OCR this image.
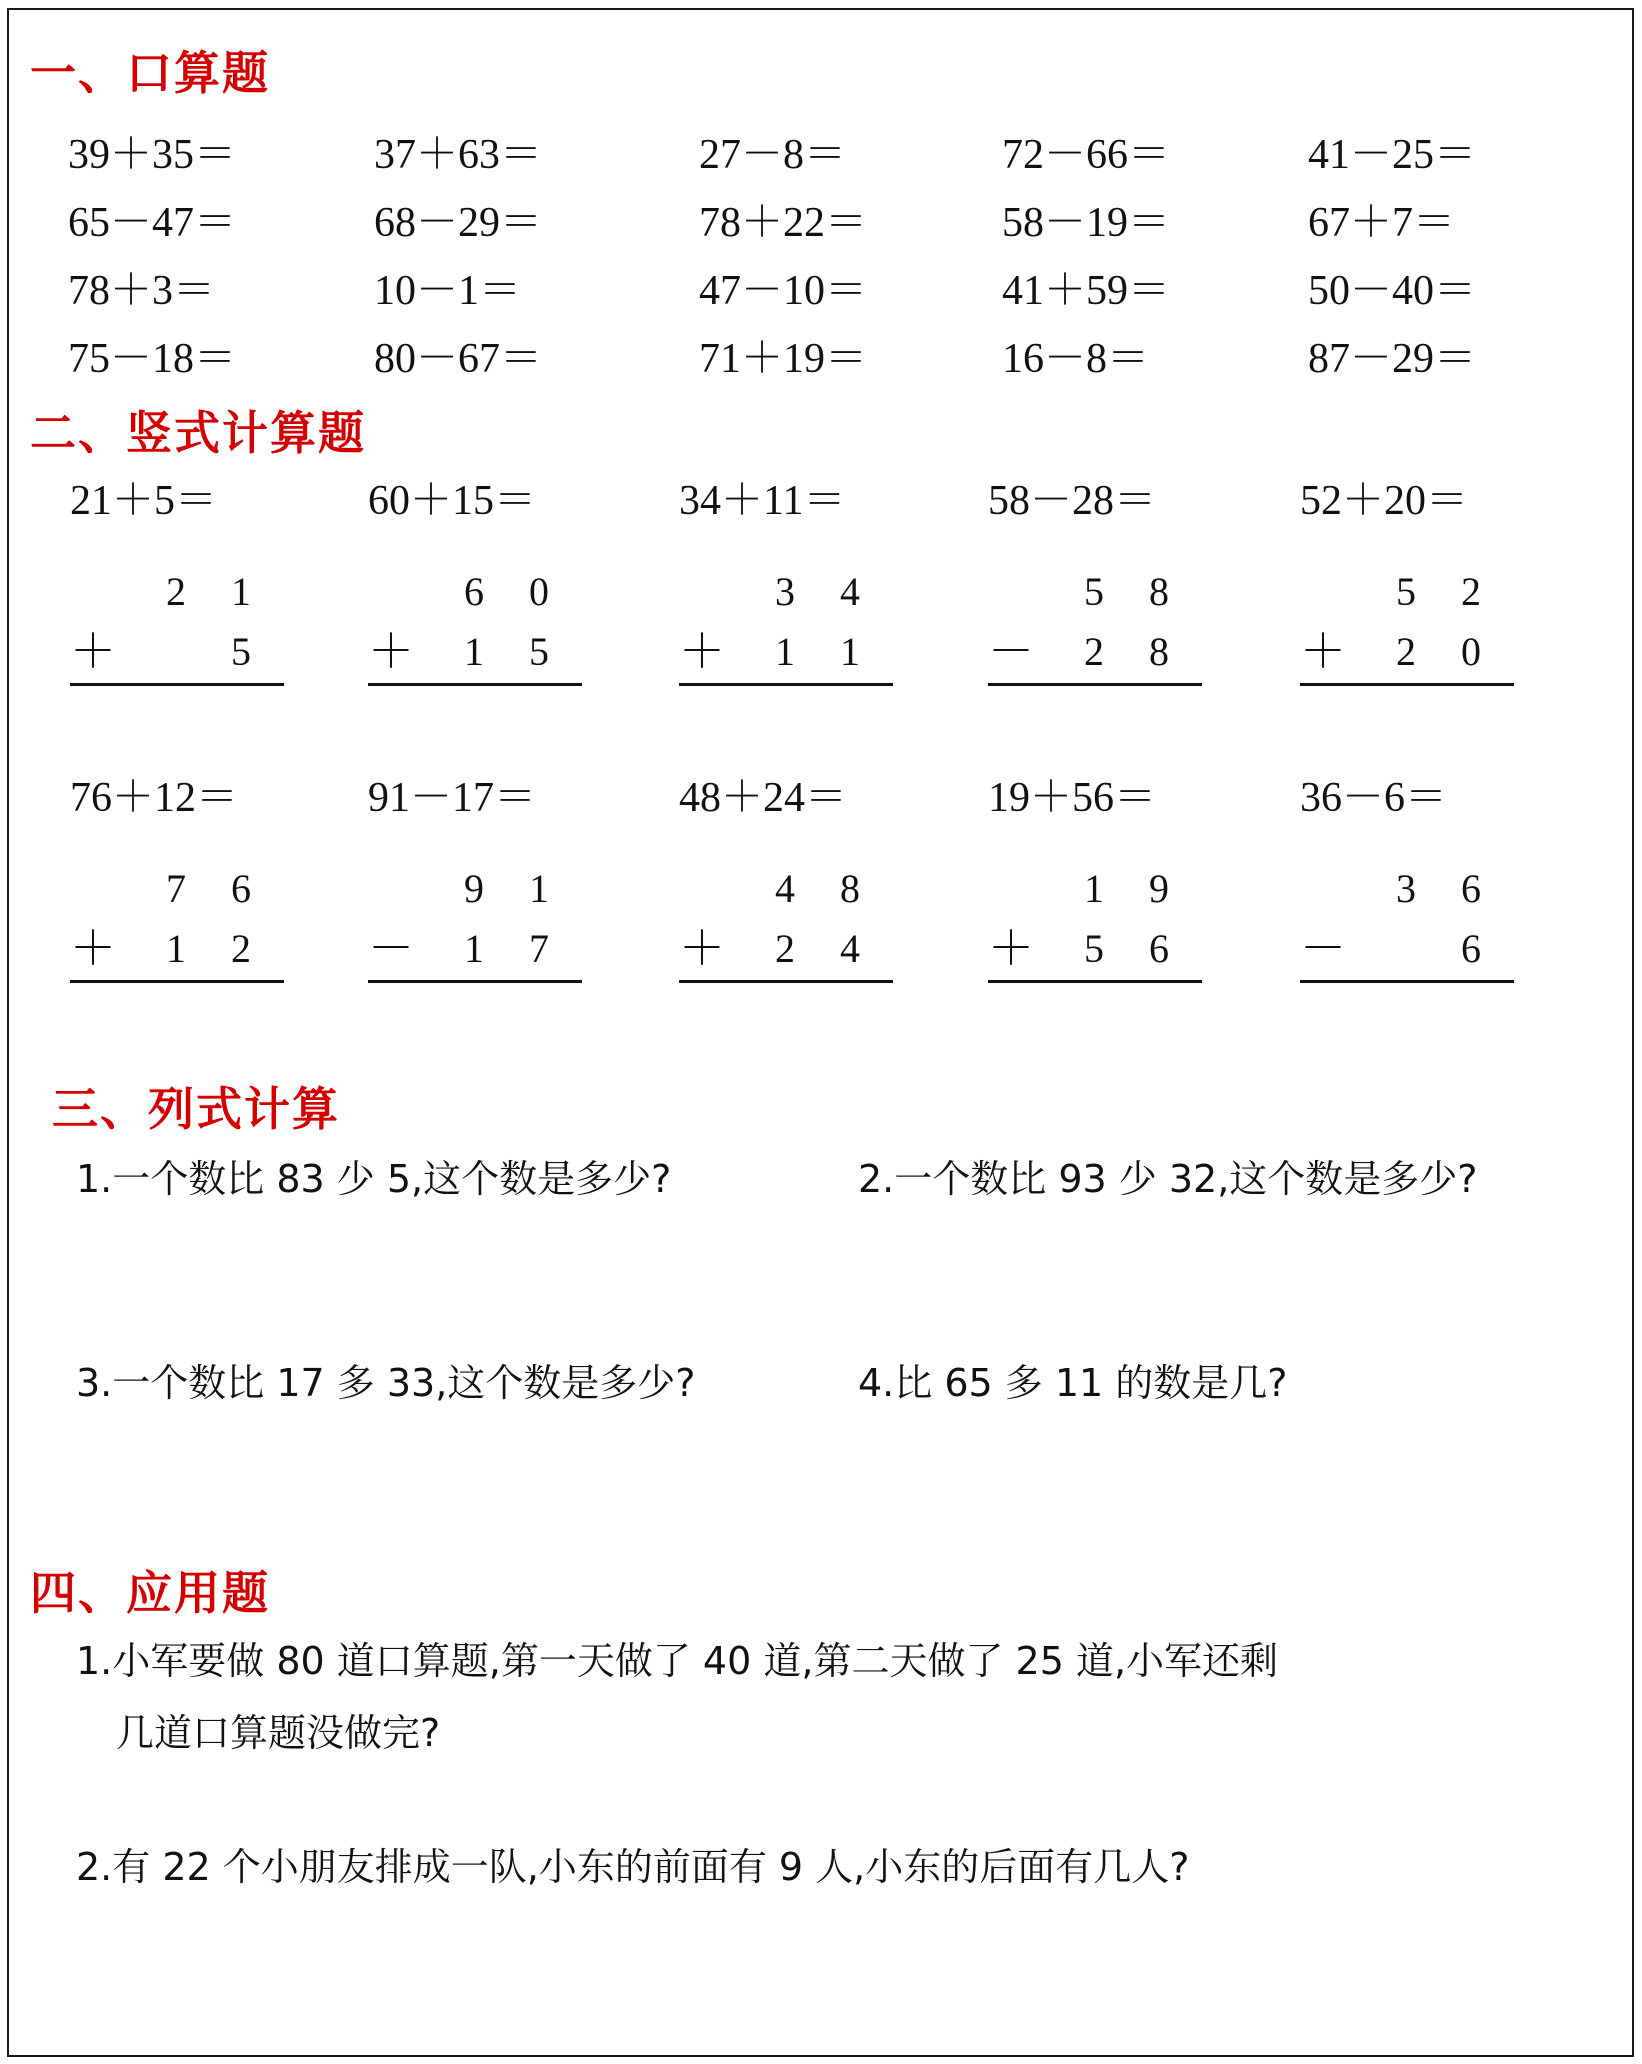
一、口算题
39＋35＝	37＋63＝	27－8＝	72－66＝	41－25＝
65－47＝	68－29＝	78＋22＝	58－19＝	67＋7＝
78＋3＝	10－1＝	47－10＝	41＋59＝	50－40＝
75－18＝	80－67＝	71＋19＝	16－8＝	87－29＝
二、竖式计算题
21＋5＝
2 1
＋	5
60＋15＝
6 0
＋ 1 5
34＋11＝
3 4
＋ 1 1
58－28＝
5 8
－ 2 8
52＋20＝
5 2
＋ 2 0
76＋12＝
7 6
＋ 1 2
91－17＝
9 1
－ 1 7
48＋24＝
4 8
＋ 2 4
19＋56＝
1 9
＋ 5 6
36－6＝
3 6
－	6
三、列式计算
1.一个数比 83 少 5,这个数是多少?	2.一个数比 93 少 32,这个数是多少?
3.一个数比 17 多 33,这个数是多少?	4.比 65 多 11 的数是几?
四、应用题
1.小军要做 80 道口算题,第一天做了 40 道,第二天做了 25 道,小军还剩
几道口算题没做完?
2.有 22 个小朋友排成一队,小东的前面有 9 人,小东的后面有几人?
